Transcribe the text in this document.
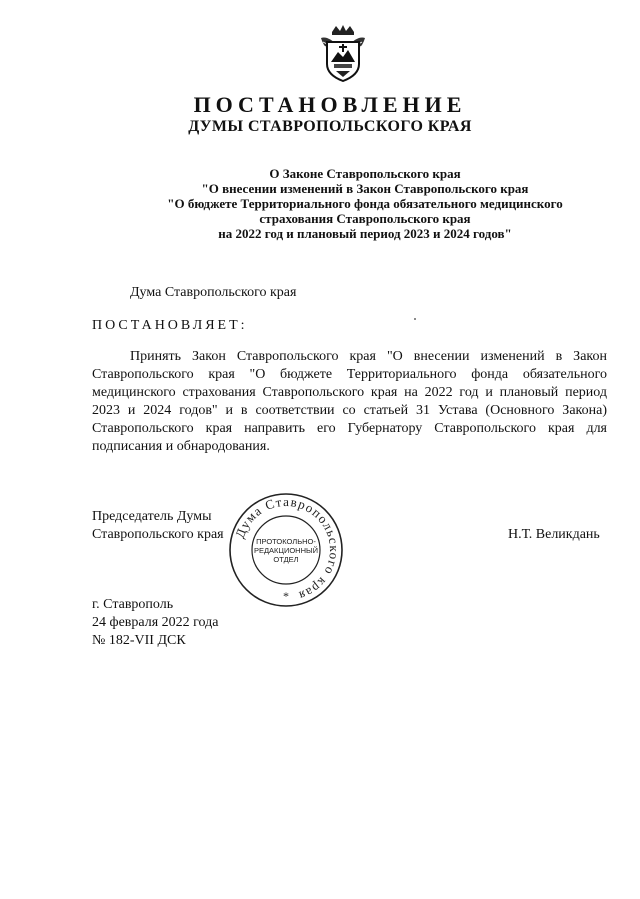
ПОСТАНОВЛЕНИЕ
ДУМЫ СТАВРОПОЛЬСКОГО КРАЯ
О Законе Ставропольского края
"О внесении изменений в Закон Ставропольского края
"О бюджете Территориального фонда обязательного медицинского
страхования Ставропольского края
на 2022 год и плановый период 2023 и 2024 годов"
Дума Ставропольского края
ПОСТАНОВЛЯЕТ:

Принять Закон Ставропольского края "О внесении изменений в Закон Ставропольского края "О бюджете Территориального фонда обязательного медицинского страхования Ставропольского края на 2022 год и плановый период 2023 и 2024 годов" и в соответствии со статьей 31 Устава (Основного Закона) Ставропольского края направить его Губернатору Ставропольского края для подписания и обнародования.

Председатель Думы
Ставропольского края	Н.Т. Великдань
Дума Ставропольского края
ПРОТОКОЛЬНО-
РЕДАКЦИОННЫЙ
ОТДЕЛ
*
г. Ставрополь
24 февраля 2022 года
№ 182-VII ДСК
